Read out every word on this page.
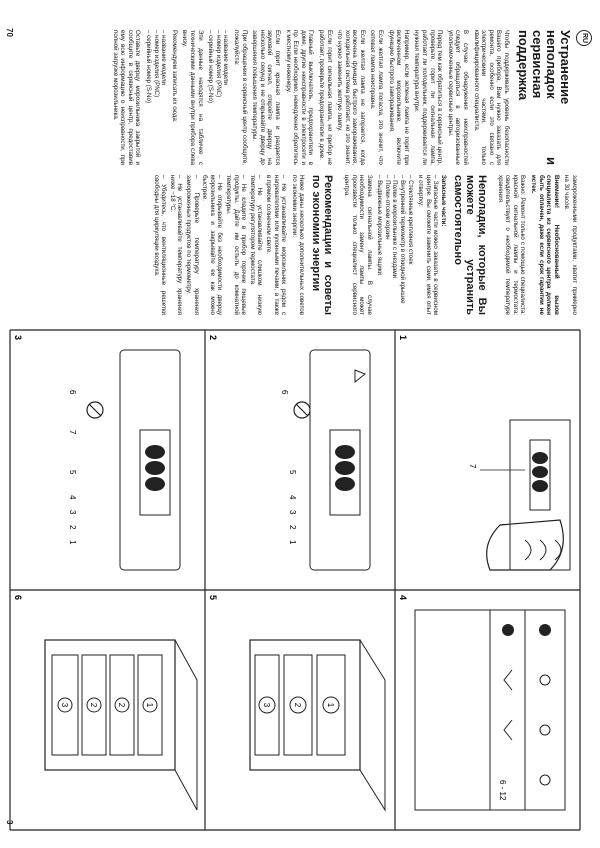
70
3
RU
Устранение неполадок и сервисная поддержка

Чтобы поддерживать уровень безопасности Вашего прибора, Вам нужно заказать для ремонта, особенно если это связано с электрическими частями, только квалифицированного специалиста.

В случае обнаружения неисправностей следует обращаться в авторизованные уполномоченные сервисные центры.

Перед тем как обратиться в сервисный центр, проверьте, горит ли сигнальная лампа, работает ли холодильник, поддерживается ли нужная температура внутри.

Например, если зеленая лампа не горит при включенном морозильнике, включите функцию быстрого замораживания.

Если желтая лампа погасла, это значит, что сетевая лампа неисправна.

Если желтая лампа не загорается, когда включена функция быстрого замораживания, холодильная система работает, но это значит, что нужно заменить желтую лампу.

Если горит сигнальная лампа, но прибор не работает, проверьте предохранители в доме.

Главный выключатель, предохранители в доме, другие неисправности в электросети и пр. Если необходимо, немедленно обратитесь к местному инженеру.

Если горит красная лампа и раздается звуковой сигнал, откройте дверцу на несколько секунд и не открывайте дверцу до завершения повышения температуры.

При обращении в сервисный центр сообщите, пожалуйста:

– название модели

– номер изделия (PNC)

– серийный номер (S-No)

Эти данные находятся на табличке с техническими данными внутри прибора слева внизу.

Рекомендуем записать их сюда:

– название модели

– номер изделия (PNC)

– серийный номер (S-No)

Оставьте дверцу морозильника закрытой и сообщите в сервисный центр, предоставив ему всю информацию о неисправности, при полной загрузке морозильника.

замороженными продуктами, хватит примерно на 30 часов.

Внимание! Необоснованный вызов специалиста из сервисного центра должен быть оплачен, даже если срок гарантии не истек.

Важно: Ремонт только с помощью специалиста: красной сигнальной лампы и термостата; свидетельствует о необходимой температуре хранения.

Неполадки, которые Вы можете устранить самостоятельно

Запасные части:

– Запасные части можно заказать в сервисном центре. Вы сможете заменить сами, имея опыт и отвертку:

– Стеклянные крепления стоек

– Внутренний термометр в откидной крышке

– Полки в морозильнике с гнездами

– Полки-отсеки корзин

– Выдвижные морозильные ящики

Замена сигнальной лампы. В случае необходимости замену лампы может произвести только специалист сервисного центра.

Рекомендации и советы по экономии энергии

Ниже даны несколько дополнительных советов по экономии энергии:

– Не устанавливайте морозильник рядом с нагревателями или кухонными печами, а также в прямом солнечном свете.

– Не устанавливайте слишком низкую температуру регулятором термостата.

– Не кладите в прибор горячие пищевые продукты. Дайте им остыть до комнатной температуры.

– Не открывайте без необходимости дверцу морозильника и закрывайте ее как можно быстрее.

– Проверьте температуру хранения замороженных продуктов по термометру.

– Не устанавливайте температуру хранения ниже −18 °C.

– Убедитесь, что вентиляционные решетки свободны для циркуляции воздуха.

7
1
1
2
3
4
5
6
2
1
2
3
4
5
6
7
3
6 - 12
4
1
2
3
5
1
2
2
3
6
